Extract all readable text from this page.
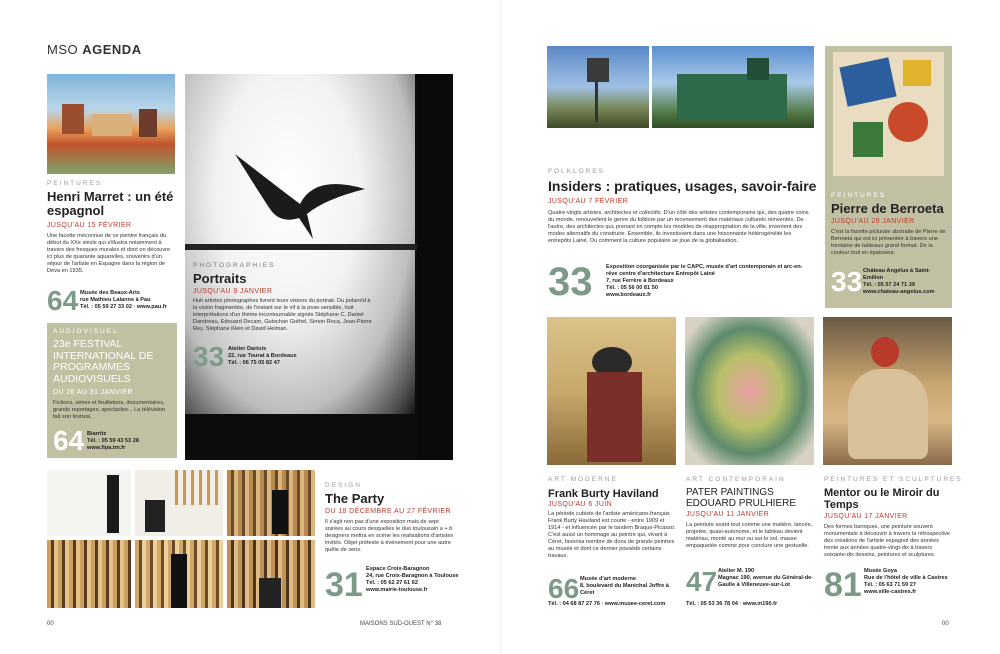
MSO AGENDA
PEINTURES
Henri Marret : un été espagnol
JUSQU'AU 15 FÉVRIER
Une facette méconnue de ce peintre français du début du XXe siècle qui s'illustra notamment à travers des fresques murales et dont on découvre ici plus de quarante aquarelles, souvenirs d'un séjour de l'artiste en Espagne dans la région de Deva en 1935.
64 Musée des Beaux-Arts
rue Mathieu Lalanne à Pau
Tél. : 05 59 27 33 02 · www.pau.fr
AUDIOVISUEL
23e FESTIVAL INTERNATIONAL DE PROGRAMMES AUDIOVISUELS
DU 26 AU 31 JANVIER
Fictions, séries et feuilletons, documentaires, grands reportages, spectacles... La télévision fait son festival.
64 Biarritz
Tél. : 05 59 43 53 28
www.fipa.tm.fr
PHOTOGRAPHIES
Portraits
JUSQU'AU 9 JANVIER
Huit artistes photographes livrent leurs visions du portrait. Du polaroïd à la vision fragmentée, de l'instant sur le vif à la pose sensible, huit interprétations d'un thème incontournable signés Stéphane C, Daniel Dandreau, Edouard Decam, Gutschan Gothel, Simon Roca, Jean-Pierre Rey, Stéphane Klein et David Helman.
33 Atelier Dartois
22, rue Tourat à Bordeaux
Tél. : 06 75 05 82 47
DESIGN
The Party
DU 18 DÉCEMBRE AU 27 FÉVRIER
Il s'agit non pas d'une exposition mais de sept soirées au cours desquelles le duo toulousain a + b designers mettra en scène les réalisations d'artistes invités. Objet prétexte à événement pour une autre quête de sens.
31 Espace Croix-Baragnon
24, rue Croix-Baragnon à Toulouse
Tél. : 05 62 27 61 62
www.mairie-toulouse.fr
00	MAISONS SUD-OUEST N° 38
FOLKLORES
Insiders : pratiques, usages, savoir-faire
JUSQU'AU 7 FÉVRIER
Quatre-vingts artistes, architectes et collectifs. D'un côté des artistes contemporains qui, des quatre coins du monde, renouvellent le genre du folklore par un recensement des matériaux culturels réinventés. De l'autre, des architectes qui, prenant en compte les modèles de réappropriation de la ville, inventent des modes alternatifs du construire. Ensemble, ils investissent dans une foisonnante hétérogénéité les entrepôts Lainé. Ou comment la culture populaire se joue de la globalisation.
33 Exposition coorganisée par le CAPC, musée d'art contemporain et arc-en-rêve centre d'architecture Entrepôt Lainé
7, rue Ferrère à Bordeaux
Tél. : 05 56 00 81 50
www.bordeaux.fr
PEINTURES
Pierre de Berroeta
JUSQU'AU 29 JANVIER
C'est la facette picturale abstraite de Pierre de Berroeta qui est ici présentée à travers une trentaine de tableaux grand format. De la couleur tout en épaisseur.
33 Château Angélus à Saint-Emilion
Tél. : 05 57 24 71 39
www.chateau-angelus.com
ART MODERNE
Frank Burty Haviland
JUSQU'AU 6 JUIN
La période cubiste de l'artiste américano-français Frank Burty Haviland est courte - entre 1909 et 1914 - et influencée par le tandem Braque-Picasso. C'est aussi un hommage au peintre qui, vivant à Céret, favorisa nombre de dons de grands peintres au musée et dont ce dernier possède certains travaux.
66 Musée d'art moderne
8, boulevard du Maréchal Joffre à Céret
Tél. : 04 68 87 27 76 · www.musee-ceret.com
ART CONTEMPORAIN
PATER PAINTINGS EDOUARD PRULHIERE
JUSQU'AU 11 JANVIER
La peinture avant tout comme une matière, lancée, projetée, quasi-autonome, et le tableau devient matériau, monté au mur ou sur le sol, masse empaquetée comme pour conclure une gestuelle.
47 Atelier M. 190
Magnac 190, avenue du Général-de-Gaulle à Villeneuve-sur-Lot
Tél. : 05 53 36 78 04 · www.m190.fr
PEINTURES ET SCULPTURES
Mentor ou le Miroir du Temps
JUSQU'AU 17 JANVIER
Des formes baroques, une peinture souvent monumentale à découvrir à travers la rétrospective des créations de l'artiste espagnol des années trente aux années quatre-vingt-dix à travers soixante-dix dessins, peintures et sculptures.
81 Musée Goya
Rue de l'hôtel de ville à Castres
Tél. : 05 63 71 59 27
www.ville-castres.fr
00
